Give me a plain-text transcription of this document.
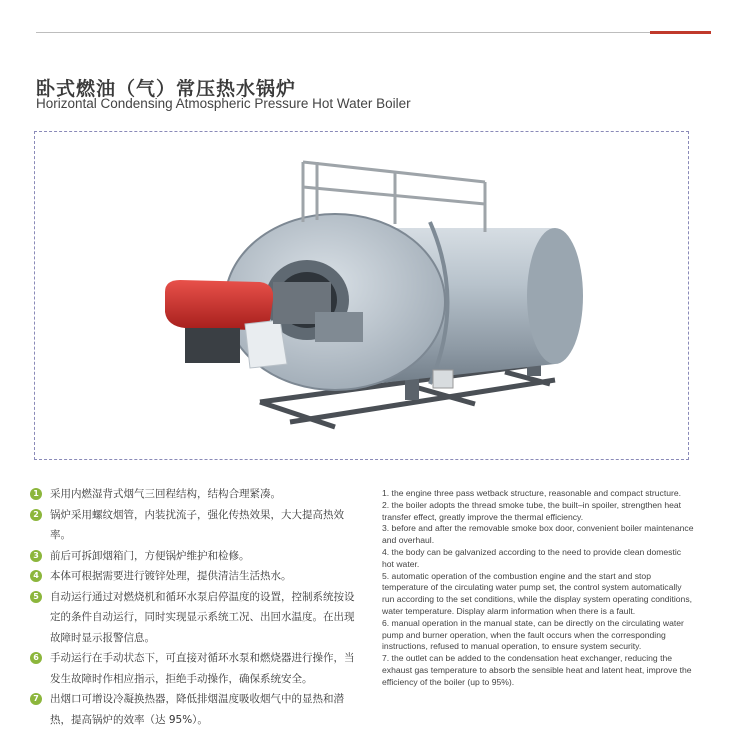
卧式燃油（气）常压热水锅炉
Horizontal Condensing Atmospheric Pressure Hot Water Boiler
1	采用内燃湿背式烟气三回程结构，结构合理紧凑。
2	锅炉采用螺纹烟管，内装扰流子，强化传热效果，大大提高热效率。
3	前后可拆卸烟箱门，方便锅炉维护和检修。
4	本体可根据需要进行镀锌处理，提供清洁生活热水。
5	自动运行通过对燃烧机和循环水泵启停温度的设置，控制系统按设定的条件自动运行，同时实现显示系统工况、出回水温度。在出现故障时显示报警信息。
6	手动运行在手动状态下，可直接对循环水泵和燃烧器进行操作，当发生故障时作相应指示，拒绝手动操作，确保系统安全。
7	出烟口可增设冷凝换热器，降低排烟温度吸收烟气中的显热和潜热，提高锅炉的效率（达 95%）。
1. the engine three pass wetback structure, reasonable and compact structure.
2. the boiler adopts the thread smoke tube, the built–in spoiler, strengthen heat transfer effect, greatly improve the thermal efficiency.
3. before and after the removable smoke box door, convenient boiler maintenance and overhaul.
4. the body can be galvanized according to the need to provide clean domestic hot water.
5. automatic operation of the combustion engine and the start and stop temperature of the circulating water pump set, the control system automatically run according to the set conditions, while the display system operating conditions, water temperature. Display alarm information when there is a fault.
6. manual operation in the manual state, can be directly on the circulating water pump and burner operation, when the fault occurs when the corresponding instructions, refused to manual operation, to ensure system security.
7. the outlet can be added to the condensation heat exchanger, reducing the exhaust gas temperature to absorb the sensible heat and latent heat, improve the efficiency of the boiler (up to 95%).
